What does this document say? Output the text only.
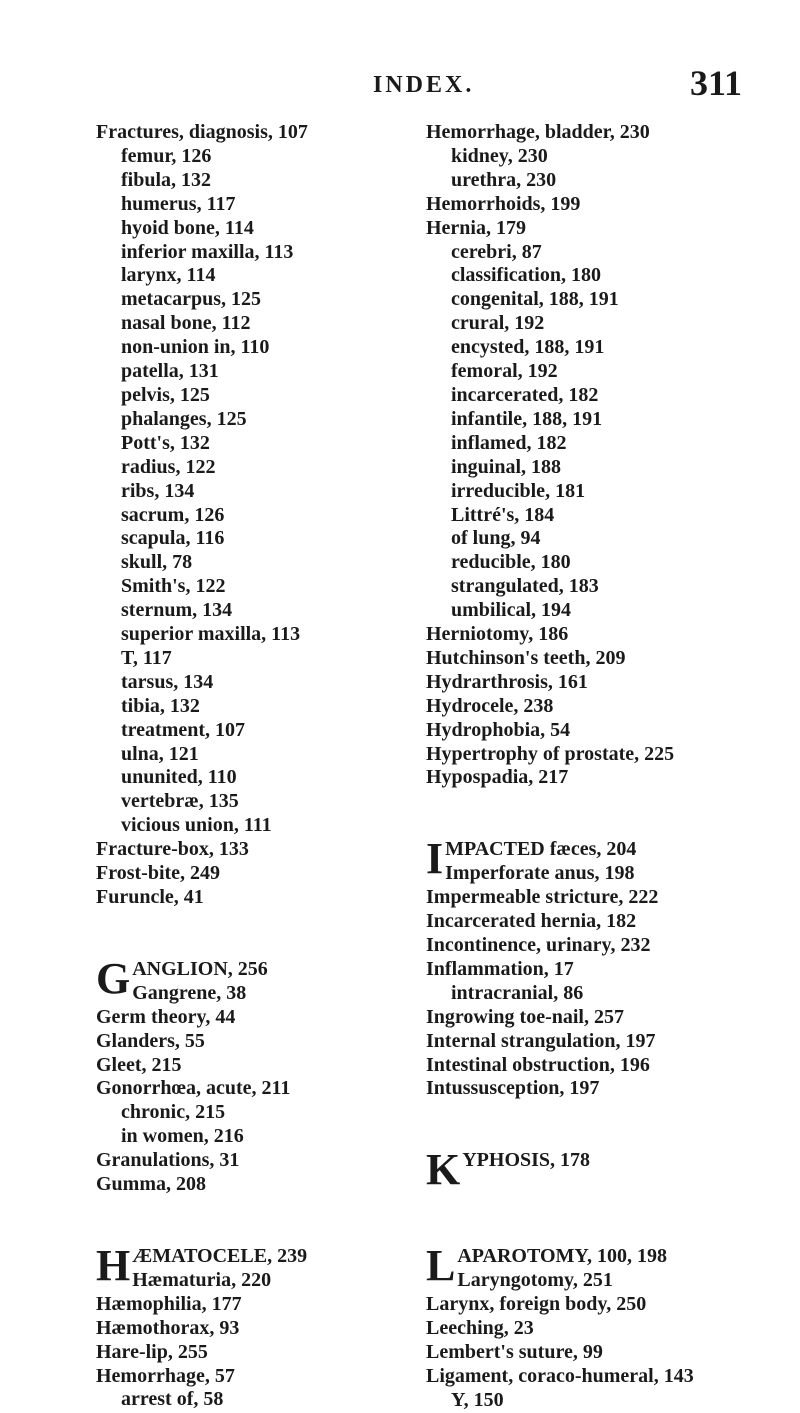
INDEX.	311
Fractures, diagnosis, 107
femur, 126
fibula, 132
humerus, 117
hyoid bone, 114
inferior maxilla, 113
larynx, 114
metacarpus, 125
nasal bone, 112
non-union in, 110
patella, 131
pelvis, 125
phalanges, 125
Pott's, 132
radius, 122
ribs, 134
sacrum, 126
scapula, 116
skull, 78
Smith's, 122
sternum, 134
superior maxilla, 113
T, 117
tarsus, 134
tibia, 132
treatment, 107
ulna, 121
ununited, 110
vertebræ, 135
vicious union, 111
Fracture-box, 133
Frost-bite, 249
Furuncle, 41
G ANGLION, 256
Gangrene, 38
Germ theory, 44
Glanders, 55
Gleet, 215
Gonorrhœa, acute, 211
chronic, 215
in women, 216
Granulations, 31
Gumma, 208
H ÆMATOCELE, 239
Hæmaturia, 220
Hæmophilia, 177
Hæmothorax, 93
Hare-lip, 255
Hemorrhage, 57
arrest of, 58
Hemorrhage, bladder, 230
kidney, 230
urethra, 230
Hemorrhoids, 199
Hernia, 179
cerebri, 87
classification, 180
congenital, 188, 191
crural, 192
encysted, 188, 191
femoral, 192
incarcerated, 182
infantile, 188, 191
inflamed, 182
inguinal, 188
irreducible, 181
Littré's, 184
of lung, 94
reducible, 180
strangulated, 183
umbilical, 194
Herniotomy, 186
Hutchinson's teeth, 209
Hydrarthrosis, 161
Hydrocele, 238
Hydrophobia, 54
Hypertrophy of prostate, 225
Hypospadia, 217
I MPACTED fæces, 204
Imperforate anus, 198
Impermeable stricture, 222
Incarcerated hernia, 182
Incontinence, urinary, 232
Inflammation, 17
intracranial, 86
Ingrowing toe-nail, 257
Internal strangulation, 197
Intestinal obstruction, 196
Intussusception, 197
K YPHOSIS, 178

L APAROTOMY, 100, 198
Laryngotomy, 251
Larynx, foreign body, 250
Leeching, 23
Lembert's suture, 99
Ligament, coraco-humeral, 143
Y, 150
